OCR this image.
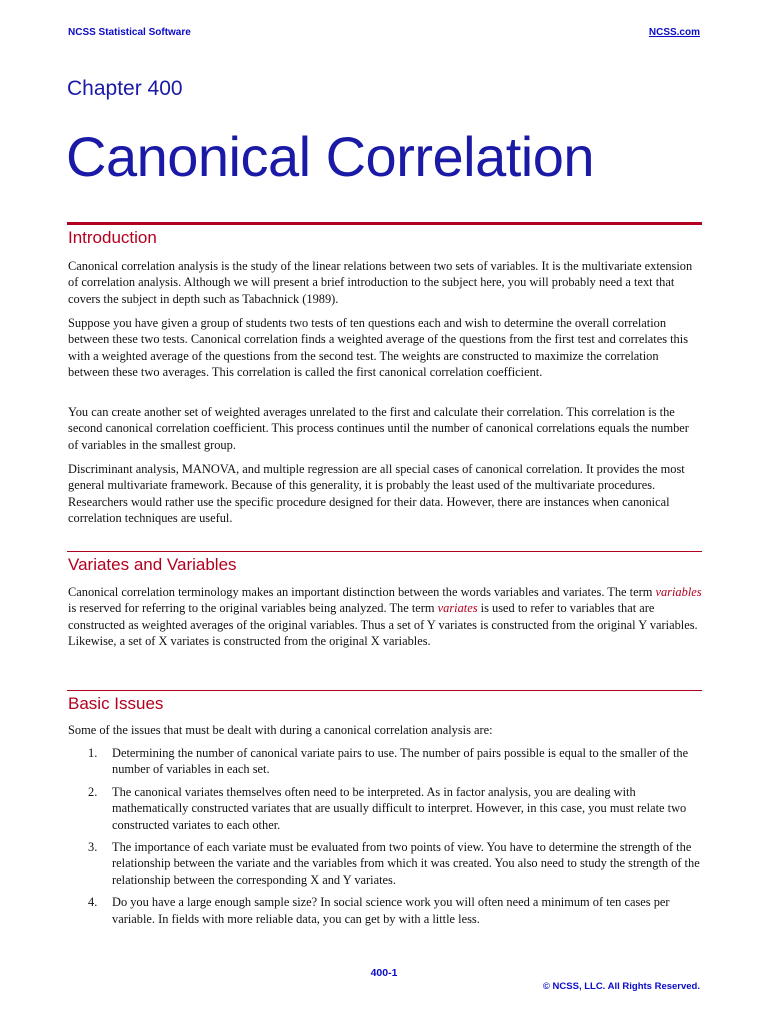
NCSS Statistical Software	NCSS.com
Chapter 400
Canonical Correlation
Introduction

Canonical correlation analysis is the study of the linear relations between two sets of variables. It is the multivariate extension of correlation analysis. Although we will present a brief introduction to the subject here, you will probably need a text that covers the subject in depth such as Tabachnick (1989).

Suppose you have given a group of students two tests of ten questions each and wish to determine the overall correlation between these two tests. Canonical correlation finds a weighted average of the questions from the first test and correlates this with a weighted average of the questions from the second test. The weights are constructed to maximize the correlation between these two averages. This correlation is called the first canonical correlation coefficient.

You can create another set of weighted averages unrelated to the first and calculate their correlation. This correlation is the second canonical correlation coefficient. This process continues until the number of canonical correlations equals the number of variables in the smallest group.

Discriminant analysis, MANOVA, and multiple regression are all special cases of canonical correlation. It provides the most general multivariate framework. Because of this generality, it is probably the least used of the multivariate procedures. Researchers would rather use the specific procedure designed for their data. However, there are instances when canonical correlation techniques are useful.

Variates and Variables

Canonical correlation terminology makes an important distinction between the words variables and variates. The term variables is reserved for referring to the original variables being analyzed. The term variates is used to refer to variables that are constructed as weighted averages of the original variables. Thus a set of Y variates is constructed from the original Y variables. Likewise, a set of X variates is constructed from the original X variables.

Basic Issues

Some of the issues that must be dealt with during a canonical correlation analysis are:

1. Determining the number of canonical variate pairs to use. The number of pairs possible is equal to the smaller of the number of variables in each set.
2. The canonical variates themselves often need to be interpreted. As in factor analysis, you are dealing with mathematically constructed variates that are usually difficult to interpret. However, in this case, you must relate two constructed variates to each other.
3. The importance of each variate must be evaluated from two points of view. You have to determine the strength of the relationship between the variate and the variables from which it was created. You also need to study the strength of the relationship between the corresponding X and Y variates.
4. Do you have a large enough sample size? In social science work you will often need a minimum of ten cases per variable. In fields with more reliable data, you can get by with a little less.
400-1
© NCSS, LLC. All Rights Reserved.
